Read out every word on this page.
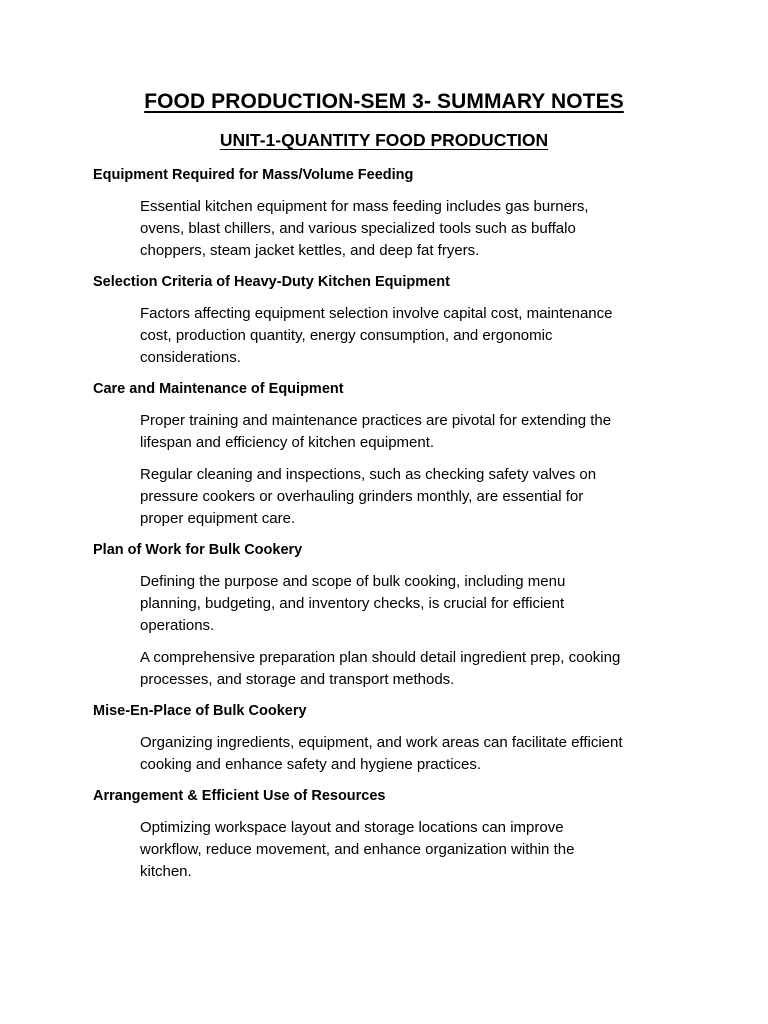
FOOD PRODUCTION-SEM 3- SUMMARY NOTES
UNIT-1-QUANTITY FOOD PRODUCTION
Equipment Required for Mass/Volume Feeding

Essential kitchen equipment for mass feeding includes gas burners,
ovens, blast chillers, and various specialized tools such as buffalo
choppers, steam jacket kettles, and deep fat fryers.

Selection Criteria of Heavy-Duty Kitchen Equipment

Factors affecting equipment selection involve capital cost, maintenance
cost, production quantity, energy consumption, and ergonomic
considerations.

Care and Maintenance of Equipment

Proper training and maintenance practices are pivotal for extending the
lifespan and efficiency of kitchen equipment.

Regular cleaning and inspections, such as checking safety valves on
pressure cookers or overhauling grinders monthly, are essential for
proper equipment care.

Plan of Work for Bulk Cookery

Defining the purpose and scope of bulk cooking, including menu
planning, budgeting, and inventory checks, is crucial for efficient
operations.

A comprehensive preparation plan should detail ingredient prep, cooking
processes, and storage and transport methods.

Mise-En-Place of Bulk Cookery

Organizing ingredients, equipment, and work areas can facilitate efficient
cooking and enhance safety and hygiene practices.

Arrangement & Efficient Use of Resources

Optimizing workspace layout and storage locations can improve
workflow, reduce movement, and enhance organization within the
kitchen.
